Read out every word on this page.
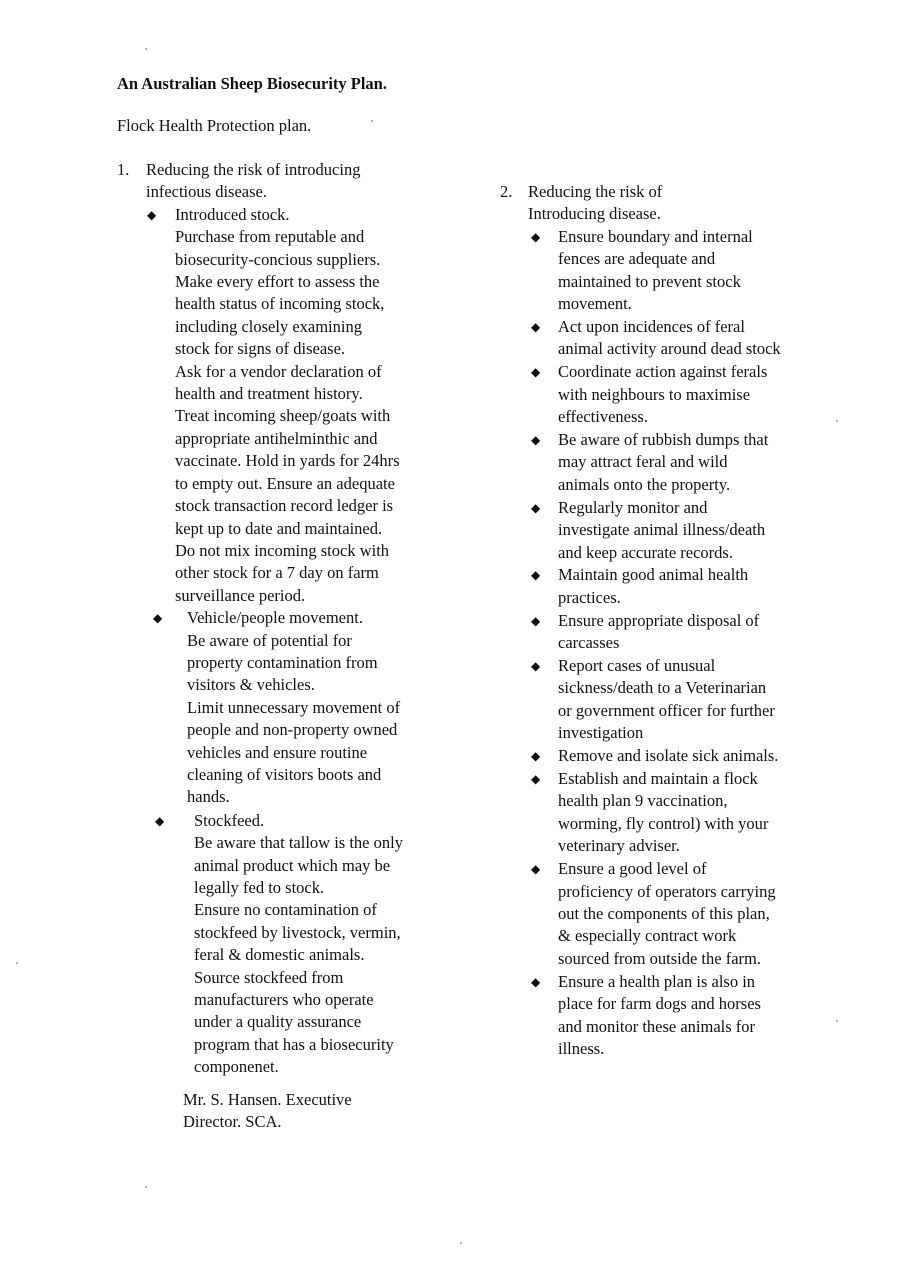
An Australian Sheep Biosecurity Plan.

Flock Health Protection plan.

1. Reducing the risk of introducing
infectious disease.
◆ Introduced stock.
Purchase from reputable and
biosecurity-concious suppliers.
Make every effort to assess the
health status of incoming stock,
including closely examining
stock for signs of disease.
Ask for a vendor declaration of
health and treatment history.
Treat incoming sheep/goats with
appropriate antihelminthic and
vaccinate. Hold in yards for 24hrs
to empty out. Ensure an adequate
stock transaction record ledger is
kept up to date and maintained.
Do not mix incoming stock with
other stock for a 7 day on farm
surveillance period.

◆ Vehicle/people movement.
Be aware of potential for
property contamination from
visitors & vehicles.
Limit unnecessary movement of
people and non-property owned
vehicles and ensure routine
cleaning of visitors boots and
hands.

◆ Stockfeed.
Be aware that tallow is the only
animal product which may be
legally fed to stock.
Ensure no contamination of
stockfeed by livestock, vermin,
feral & domestic animals.
Source stockfeed from
manufacturers who operate
under a quality assurance
program that has a biosecurity
componenet.

Mr. S. Hansen. Executive
Director. SCA.

2. Reducing the risk of
Introducing disease.
◆ Ensure boundary and internal
fences are adequate and
maintained to prevent stock
movement.

◆ Act upon incidences of feral
animal activity around dead stock

◆ Coordinate action against ferals
with neighbours to maximise
effectiveness.

◆ Be aware of rubbish dumps that
may attract feral and wild
animals onto the property.

◆ Regularly monitor and
investigate animal illness/death
and keep accurate records.

◆ Maintain good animal health
practices.

◆ Ensure appropriate disposal of
carcasses

◆ Report cases of unusual
sickness/death to a Veterinarian
or government officer for further
investigation

◆ Remove and isolate sick animals.

◆ Establish and maintain a flock
health plan 9 vaccination,
worming, fly control) with your
veterinary adviser.

◆ Ensure a good level of
proficiency of operators carrying
out the components of this plan,
& especially contract work
sourced from outside the farm.

◆ Ensure a health plan is also in
place for farm dogs and horses
and monitor these animals for
illness.
